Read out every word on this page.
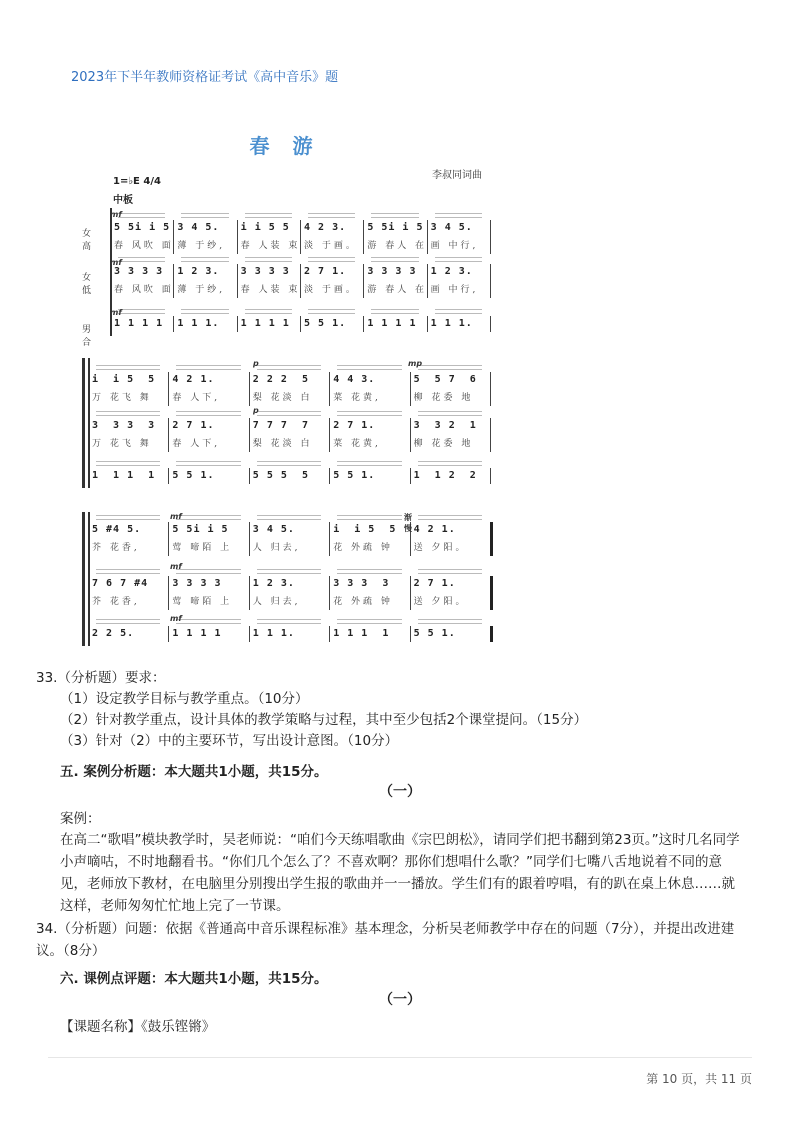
2023年下半年教师资格证考试《高中音乐》题
春 游
李叔同词曲
1=♭E 4/4
中板
女高
女低
男合
5 5i i 5 3 4 5. i i 5 5 4 2 3. 5 5i i 5 3 4 5.
春 风吹 面 薄 于纱, 春 人装 束 淡 于画。 游 春人 在 画 中行,
3 3 3 3 1 2 3. 3 3 3 3 2 7 1. 3 3 3 3 1 2 3.
春 风吹 面 薄 于纱, 春 人装 束 淡 于画。 游 春人 在 画 中行,
1 1 1 1 1 1 1. 1 1 1 1 5 5 1. 1 1 1 1 1 1 1.
i  i 5  5 4 2 1.	2 2 2  5 4 4 3.	5  5 7  6
万 花飞 舞 春 人下,	梨 花淡 白 菜 花黄,	柳 花委 地
3  3 3  3 2 7 1.	7 7 7  7 2 7 1.	3  3 2  1
万 花飞 舞 春 人下,	梨 花淡 白 菜 花黄,	柳 花委 地
1  1 1  1 5 5 1.	5 5 5  5 5 5 1.	1  1 2  2
5 #4 5.	5 5i i 5 3 4 5.	i  i 5  5 4 2 1.
芥 花香,	莺 啼陌 上 人 归去,	花 外疏 钟 送 夕阳。
7 6 7 #4 3 3 3 3	1 2 3.	3 3 3  3 2 7 1.
芥 花香,	莺 啼陌 上 人 归去,	花 外疏 钟 送 夕阳。
2 2 5.	1 1 1 1	1 1 1.	1 1 1  1 5 5 1.
mf
mf
mf
p
p
mp
mf
mf
mf
渐慢
33.（分析题）要求：
（1）设定教学目标与教学重点。（10分）
（2）针对教学重点，设计具体的教学策略与过程，其中至少包括2个课堂提问。（15分）
（3）针对（2）中的主要环节，写出设计意图。（10分）
五. 案例分析题：本大题共1小题，共15分。
（一）
案例：
在高二“歌唱”模块教学时，吴老师说：“咱们今天练唱歌曲《宗巴朗松》，请同学们把书翻到第23页。”这时几名同学小声嘀咕，不时地翻看书。“你们几个怎么了？不喜欢啊？那你们想唱什么歌？”同学们七嘴八舌地说着不同的意见，老师放下教材，在电脑里分别搜出学生报的歌曲并一一播放。学生们有的跟着哼唱，有的趴在桌上休息……就这样，老师匆匆忙忙地上完了一节课。
34.（分析题）问题：依据《普通高中音乐课程标准》基本理念，分析吴老师教学中存在的问题（7分），并提出改进建议。（8分）
六. 课例点评题：本大题共1小题，共15分。
（一）
【课题名称】《鼓乐铿锵》
第 10 页，共 11 页
